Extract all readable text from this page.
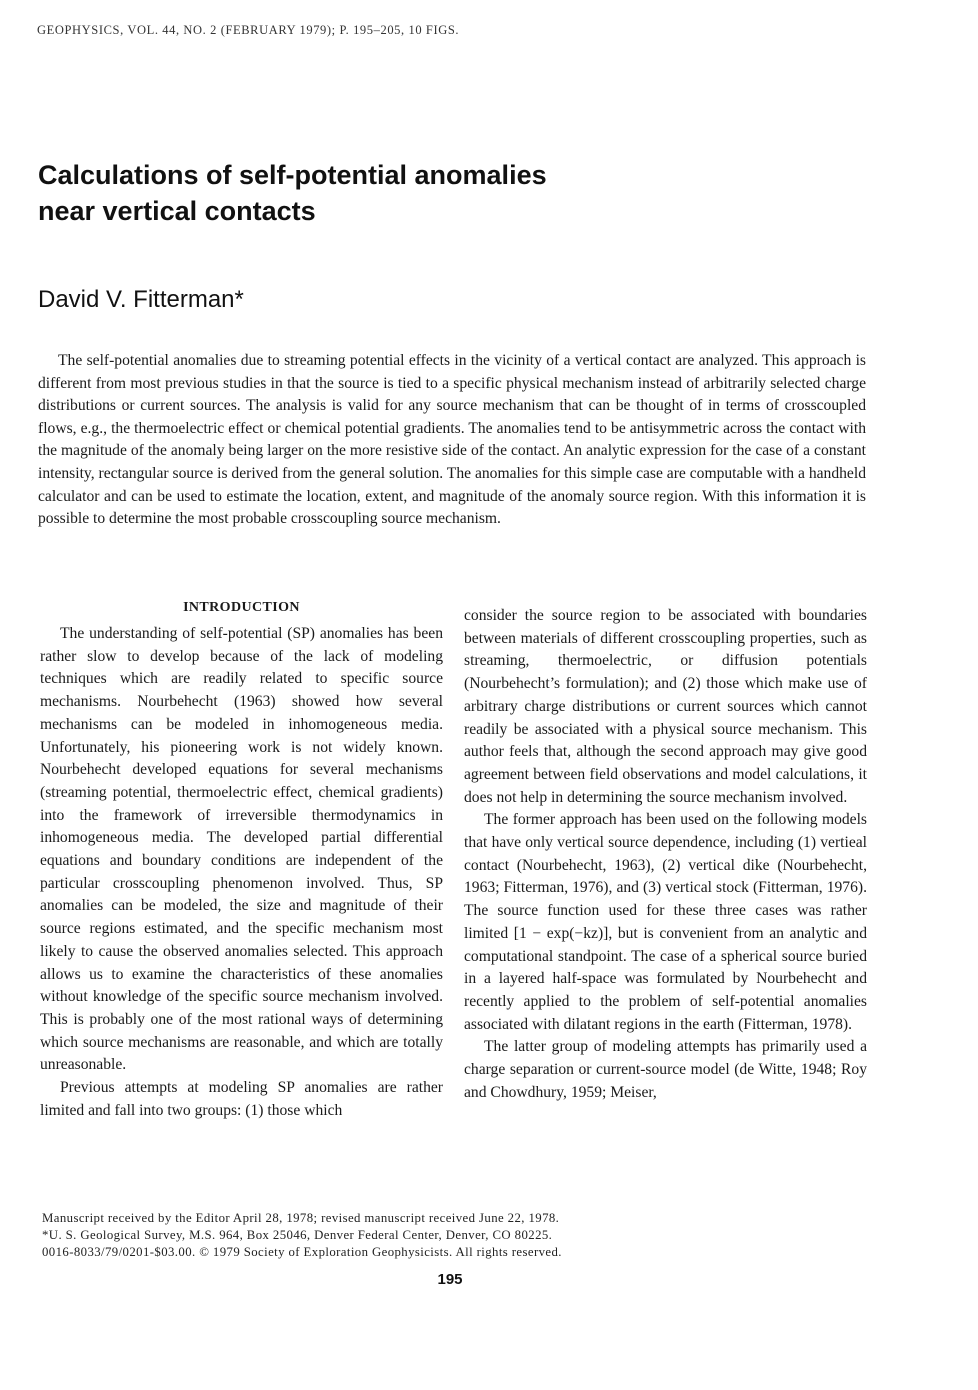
GEOPHYSICS, VOL. 44, NO. 2 (FEBRUARY 1979); P. 195–205, 10 FIGS.
Calculations of self-potential anomalies
near vertical contacts
David V. Fitterman*

The self-potential anomalies due to streaming potential effects in the vicinity of a vertical contact are analyzed. This approach is different from most previous studies in that the source is tied to a specific physical mechanism instead of arbitrarily selected charge distributions or current sources. The analysis is valid for any source mechanism that can be thought of in terms of crosscoupled flows, e.g., the thermoelectric effect or chemical potential gradients. The anomalies tend to be antisymmetric across the contact with the magnitude of the anomaly being larger on the more resistive side of the contact. An analytic expression for the case of a constant intensity, rectangular source is derived from the general solution. The anomalies for this simple case are computable with a handheld calculator and can be used to estimate the location, extent, and magnitude of the anomaly source region. With this information it is possible to determine the most probable crosscoupling source mechanism.

INTRODUCTION

The understanding of self-potential (SP) anomalies has been rather slow to develop because of the lack of modeling techniques which are readily related to specific source mechanisms. Nourbehecht (1963) showed how several mechanisms can be modeled in inhomogeneous media. Unfortunately, his pioneering work is not widely known. Nourbehecht developed equations for several mechanisms (streaming potential, thermoelectric effect, chemical gradients) into the framework of irreversible thermodynamics in inhomogeneous media. The developed partial differential equations and boundary conditions are independent of the particular crosscoupling phenomenon involved. Thus, SP anomalies can be modeled, the size and magnitude of their source regions estimated, and the specific mechanism most likely to cause the observed anomalies selected. This approach allows us to examine the characteristics of these anomalies without knowledge of the specific source mechanism involved. This is probably one of the most rational ways of determining which source mechanisms are reasonable, and which are totally unreasonable.

Previous attempts at modeling SP anomalies are rather limited and fall into two groups: (1) those which

consider the source region to be associated with boundaries between materials of different crosscoupling properties, such as streaming, thermoelectric, or diffusion potentials (Nourbehecht’s formulation); and (2) those which make use of arbitrary charge distributions or current sources which cannot readily be associated with a physical source mechanism. This author feels that, although the second approach may give good agreement between field observations and model calculations, it does not help in determining the source mechanism involved.

The former approach has been used on the following models that have only vertical source dependence, including (1) vertieal contact (Nourbehecht, 1963), (2) vertical dike (Nourbehecht, 1963; Fitterman, 1976), and (3) vertical stock (Fitterman, 1976). The source function used for these three cases was rather limited [1 − exp(−kz)], but is convenient from an analytic and computational standpoint. The case of a spherical source buried in a layered half-space was formulated by Nourbehecht and recently applied to the problem of self-potential anomalies associated with dilatant regions in the earth (Fitterman, 1978).

The latter group of modeling attempts has primarily used a charge separation or current-source model (de Witte, 1948; Roy and Chowdhury, 1959; Meiser,

Manuscript received by the Editor April 28, 1978; revised manuscript received June 22, 1978.
*U. S. Geological Survey, M.S. 964, Box 25046, Denver Federal Center, Denver, CO 80225.
0016-8033/79/0201-$03.00. © 1979 Society of Exploration Geophysicists. All rights reserved.
195
